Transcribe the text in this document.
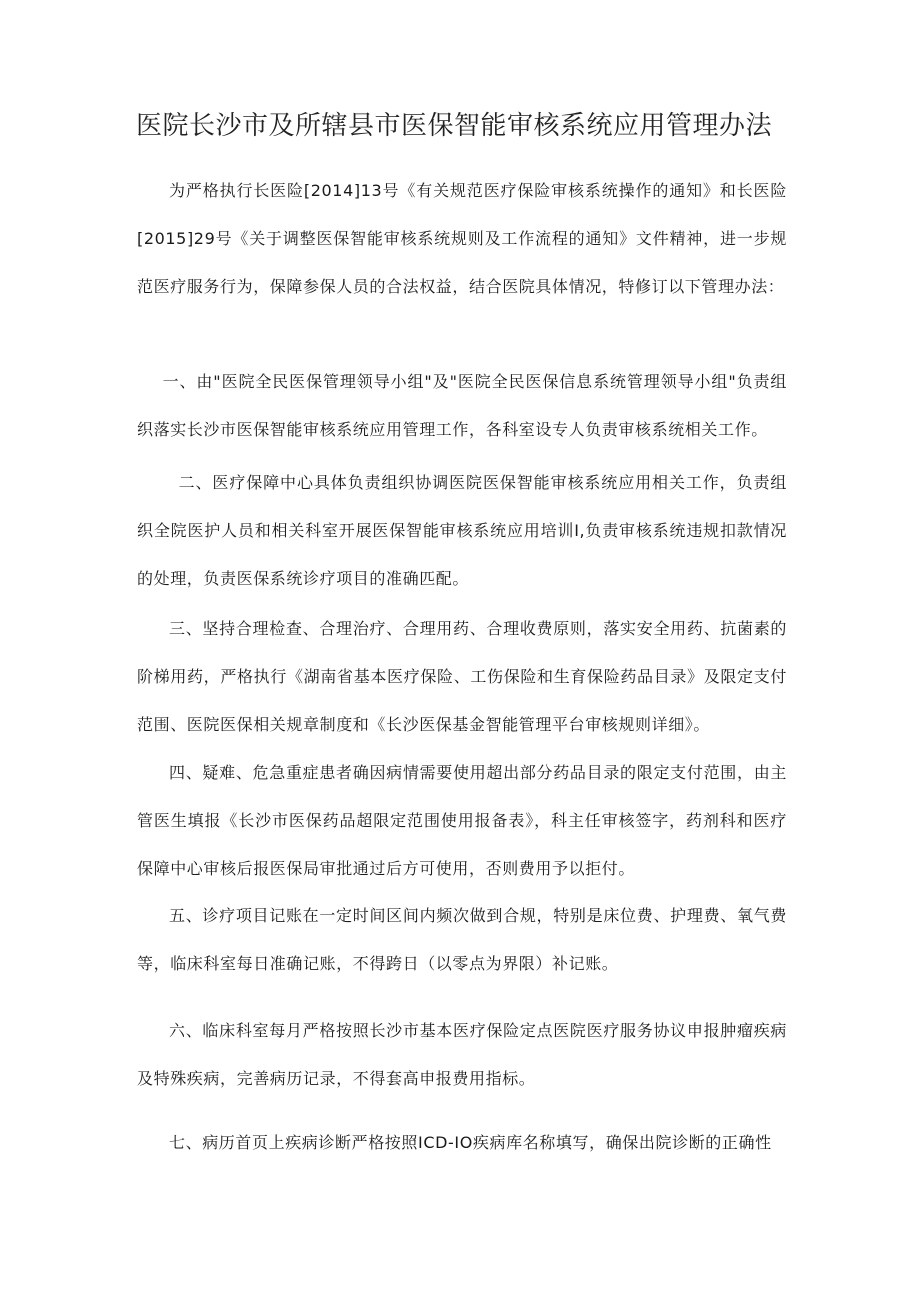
医院长沙市及所辖县市医保智能审核系统应用管理办法

为严格执行长医险[2014]13号《有关规范医疗保险审核系统操作的通知》和长医险[2015]29号《关于调整医保智能审核系统规则及工作流程的通知》文件精神，进一步规范医疗服务行为，保障参保人员的合法权益，结合医院具体情况，特修订以下管理办法：

一、由"医院全民医保管理领导小组"及"医院全民医保信息系统管理领导小组"负责组织落实长沙市医保智能审核系统应用管理工作，各科室设专人负责审核系统相关工作。

二、医疗保障中心具体负责组织协调医院医保智能审核系统应用相关工作，负责组织全院医护人员和相关科室开展医保智能审核系统应用培训I,负责审核系统违规扣款情况的处理，负责医保系统诊疗项目的准确匹配。

三、坚持合理检查、合理治疗、合理用药、合理收费原则，落实安全用药、抗菌素的阶梯用药，严格执行《湖南省基本医疗保险、工伤保险和生育保险药品目录》及限定支付范围、医院医保相关规章制度和《长沙医保基金智能管理平台审核规则详细》。

四、疑难、危急重症患者确因病情需要使用超出部分药品目录的限定支付范围，由主管医生填报《长沙市医保药品超限定范围使用报备表》，科主任审核签字，药剂科和医疗保障中心审核后报医保局审批通过后方可使用，否则费用予以拒付。

五、诊疗项目记账在一定时间区间内频次做到合规，特别是床位费、护理费、氧气费等，临床科室每日准确记账，不得跨日（以零点为界限）补记账。

六、临床科室每月严格按照长沙市基本医疗保险定点医院医疗服务协议申报肿瘤疾病及特殊疾病，完善病历记录，不得套高申报费用指标。

七、病历首页上疾病诊断严格按照ICD-IO疾病库名称填写，确保出院诊断的正确性
